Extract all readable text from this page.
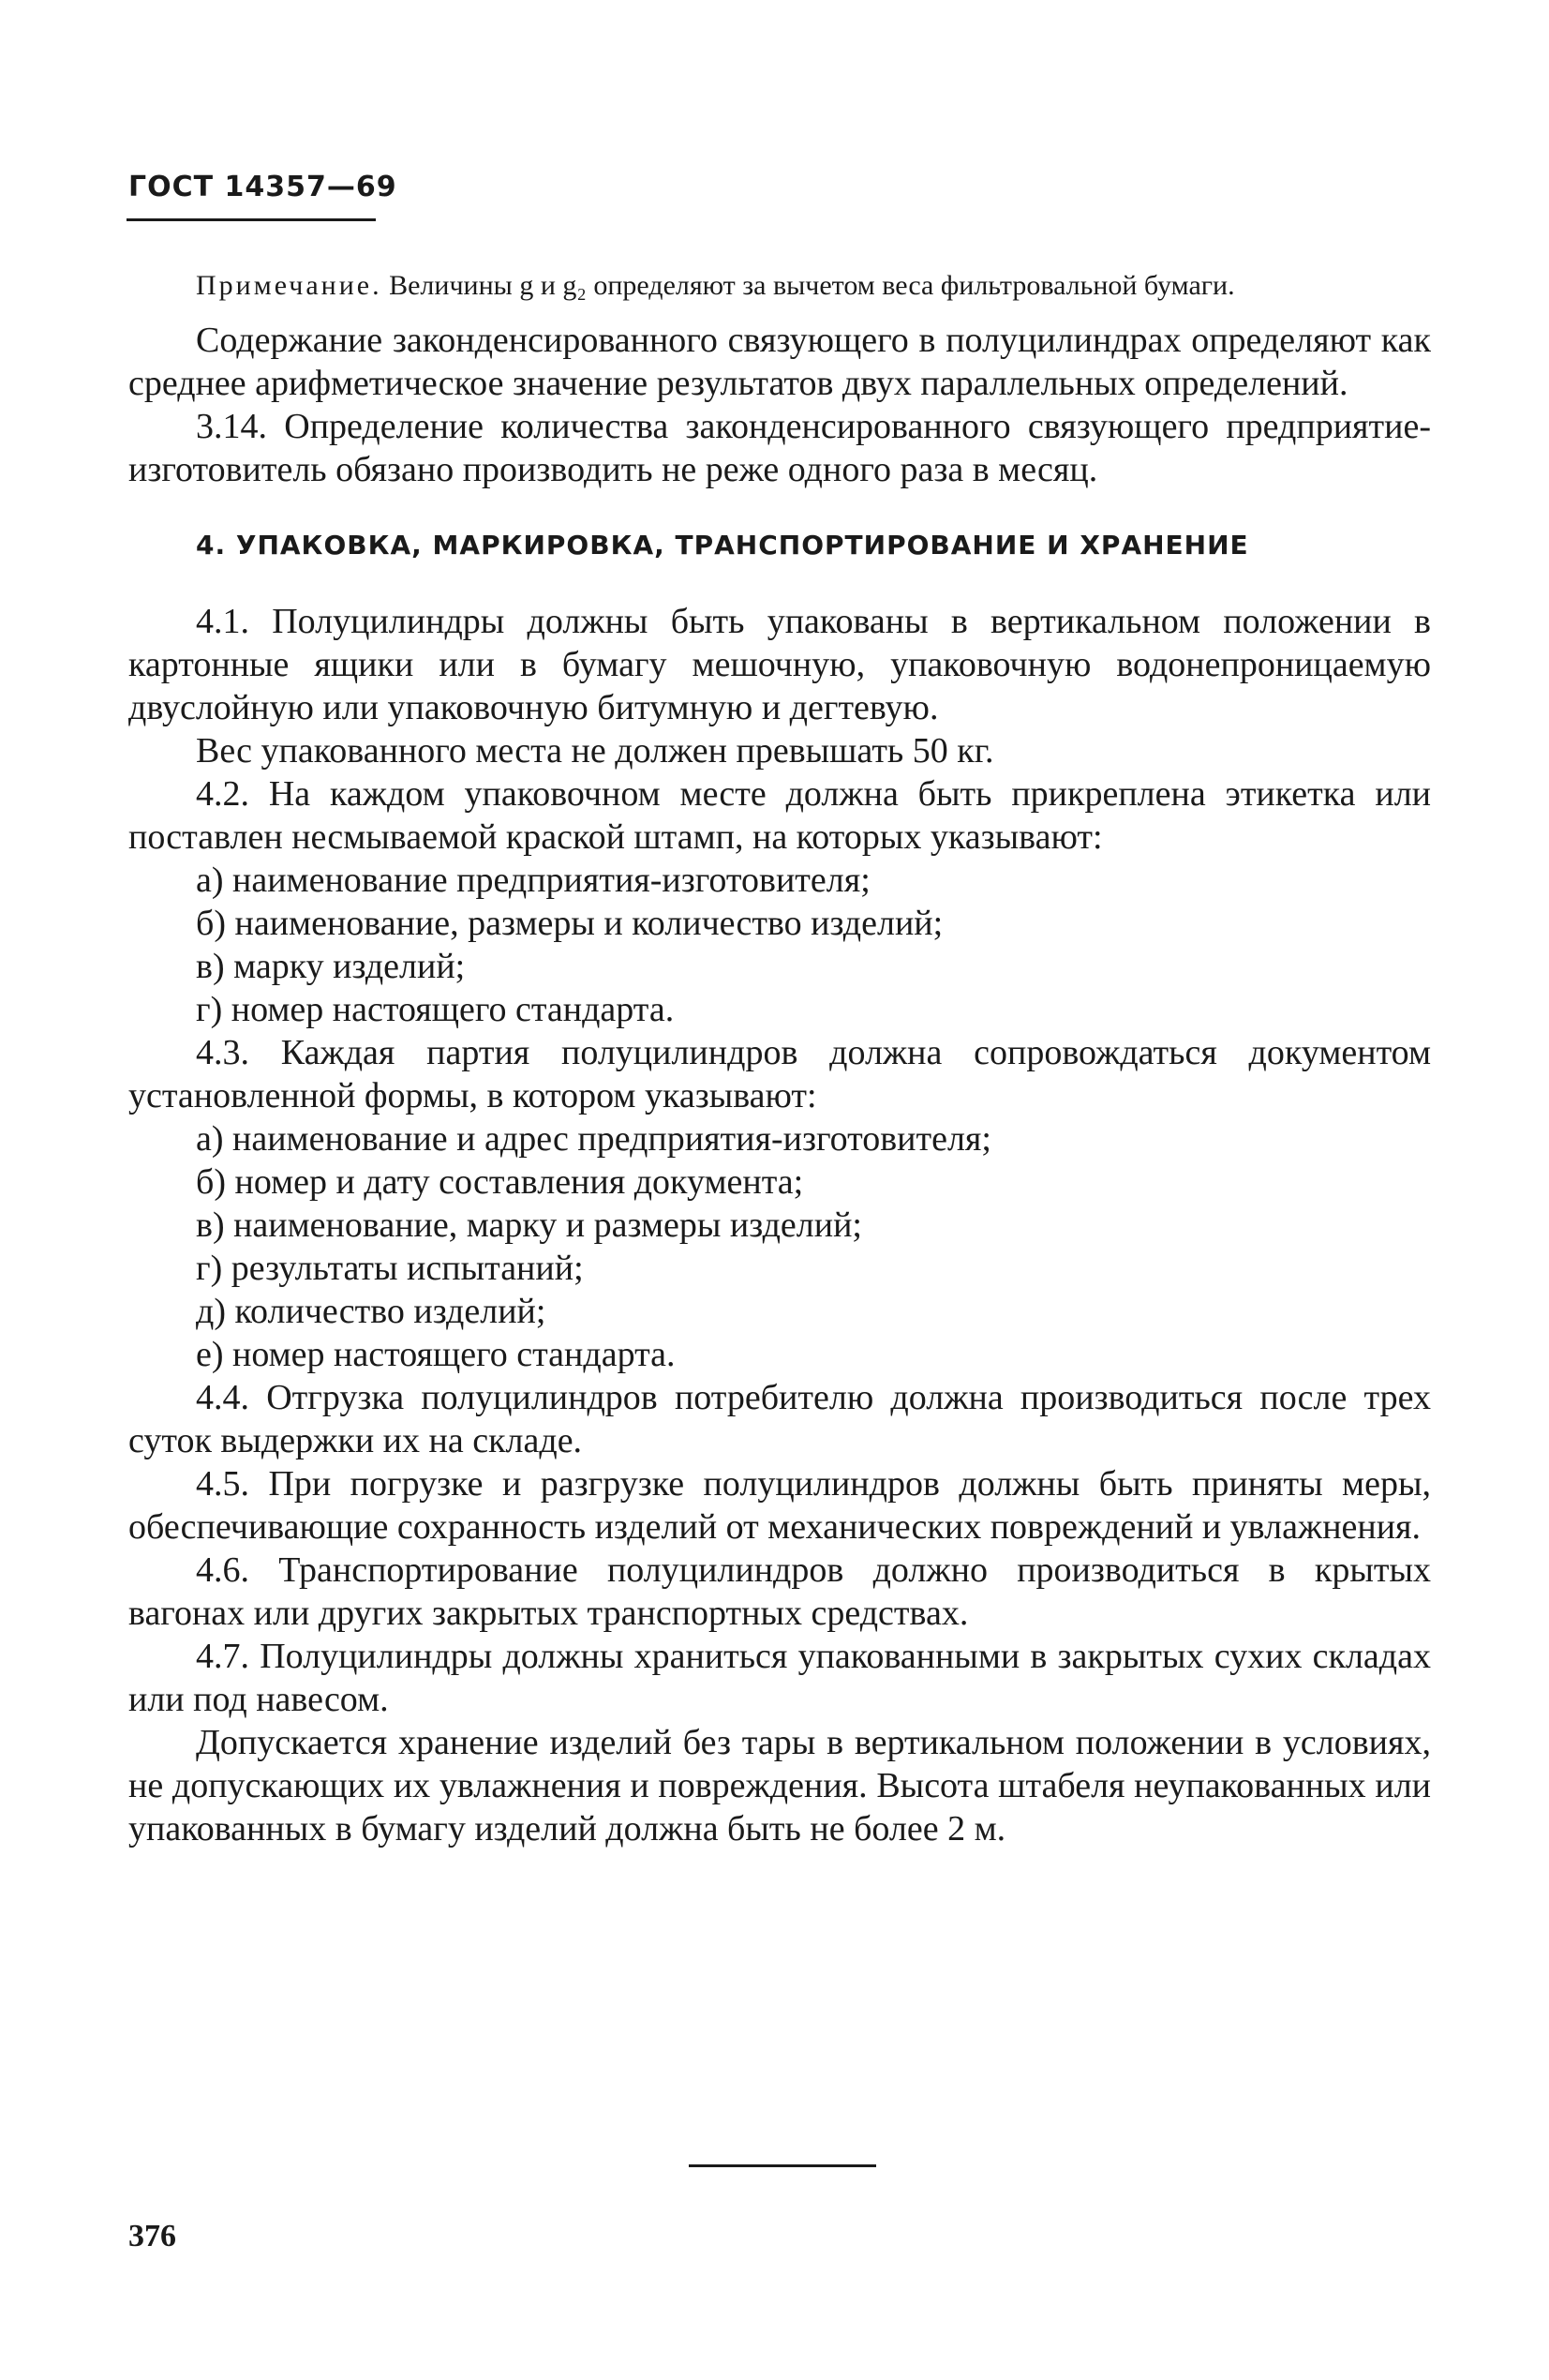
ГОСТ 14357—69

Примечание. Величины g и g₂ определяют за вычетом веса фильтровальной бумаги.

Содержание законденсированного связующего в полуцилиндрах определяют как среднее арифметическое значение результатов двух параллельных определений.

3.14. Определение количества законденсированного связующего предприятие-изготовитель обязано производить не реже одного раза в месяц.

4. УПАКОВКА, МАРКИРОВКА, ТРАНСПОРТИРОВАНИЕ И ХРАНЕНИЕ

4.1. Полуцилиндры должны быть упакованы в вертикальном положении в картонные ящики или в бумагу мешочную, упаковочную водонепроницаемую двуслойную или упаковочную битумную и дегтевую.

Вес упакованного места не должен превышать 50 кг.

4.2. На каждом упаковочном месте должна быть прикреплена этикетка или поставлен несмываемой краской штамп, на которых указывают:

а) наименование предприятия-изготовителя;

б) наименование, размеры и количество изделий;

в) марку изделий;

г) номер настоящего стандарта.

4.3. Каждая партия полуцилиндров должна сопровождаться документом установленной формы, в котором указывают:

а) наименование и адрес предприятия-изготовителя;

б) номер и дату составления документа;

в) наименование, марку и размеры изделий;

г) результаты испытаний;

д) количество изделий;

е) номер настоящего стандарта.

4.4. Отгрузка полуцилиндров потребителю должна производиться после трех суток выдержки их на складе.

4.5. При погрузке и разгрузке полуцилиндров должны быть приняты меры, обеспечивающие сохранность изделий от механических повреждений и увлажнения.

4.6. Транспортирование полуцилиндров должно производиться в крытых вагонах или других закрытых транспортных средствах.

4.7. Полуцилиндры должны храниться упакованными в закрытых сухих складах или под навесом.

Допускается хранение изделий без тары в вертикальном положении в условиях, не допускающих их увлажнения и повреждения. Высота штабеля неупакованных или упакованных в бумагу изделий должна быть не более 2 м.

376
